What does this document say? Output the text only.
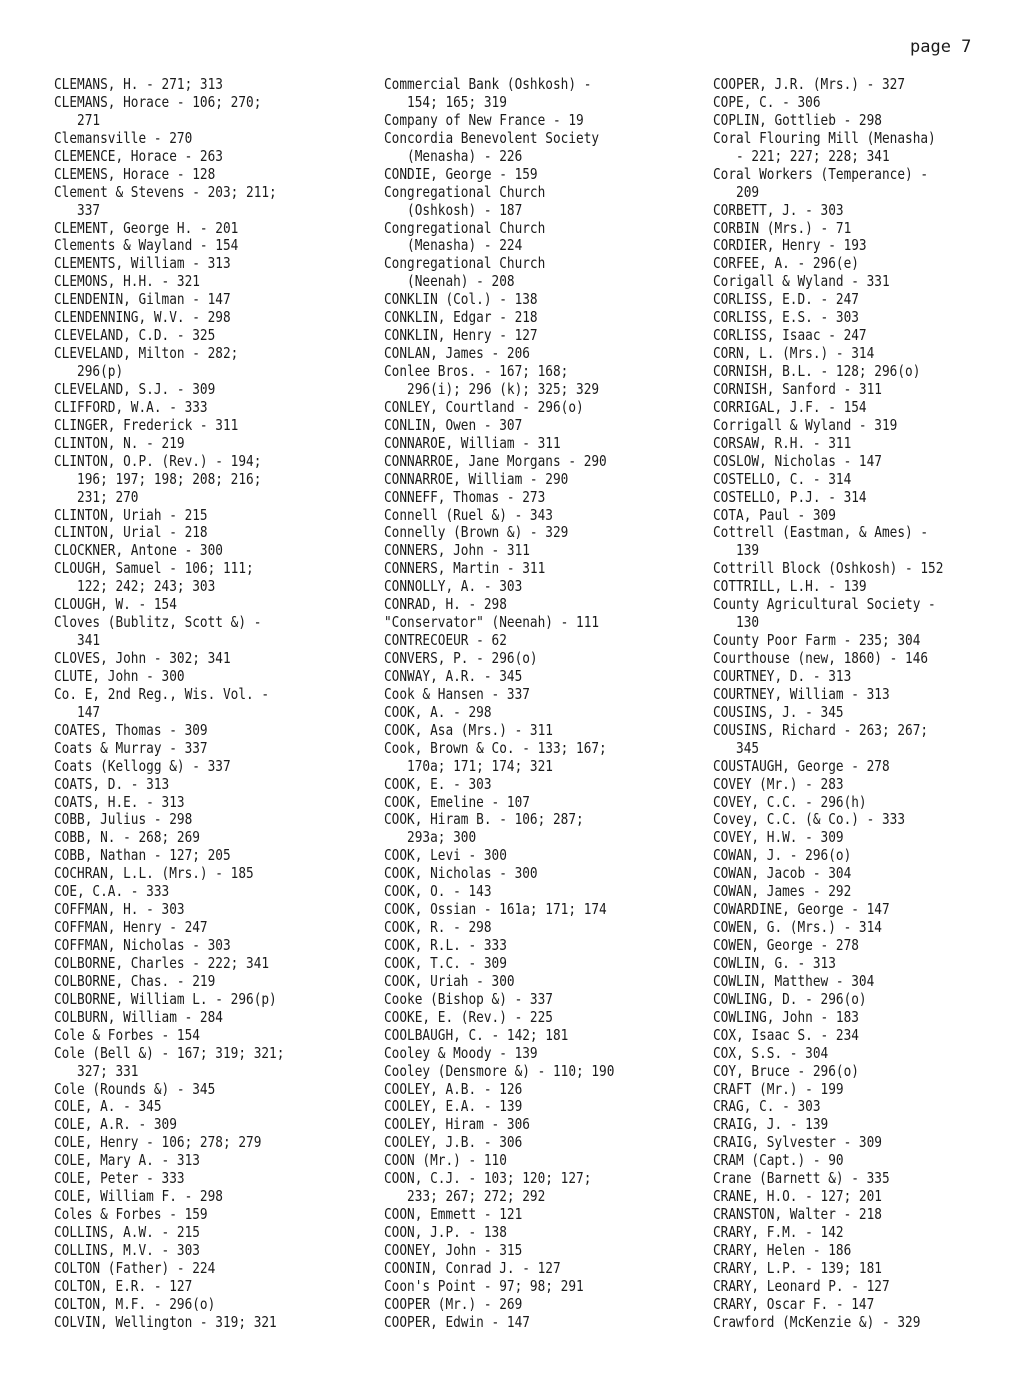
page 7
CLEMANS, H. - 271; 313
CLEMANS, Horace - 106; 270;
271
Clemansville - 270
CLEMENCE, Horace - 263
CLEMENS, Horace - 128
Clement & Stevens - 203; 211;
337
CLEMENT, George H. - 201
Clements & Wayland - 154
CLEMENTS, William - 313
CLEMONS, H.H. - 321
CLENDENIN, Gilman - 147
CLENDENNING, W.V. - 298
CLEVELAND, C.D. - 325
CLEVELAND, Milton - 282;
296(p)
CLEVELAND, S.J. - 309
CLIFFORD, W.A. - 333
CLINGER, Frederick - 311
CLINTON, N. - 219
CLINTON, O.P. (Rev.) - 194;
196; 197; 198; 208; 216;
231; 270
CLINTON, Uriah - 215
CLINTON, Urial - 218
CLOCKNER, Antone - 300
CLOUGH, Samuel - 106; 111;
122; 242; 243; 303
CLOUGH, W. - 154
Cloves (Bublitz, Scott &) -
341
CLOVES, John - 302; 341
CLUTE, John - 300
Co. E, 2nd Reg., Wis. Vol. -
147
COATES, Thomas - 309
Coats & Murray - 337
Coats (Kellogg &) - 337
COATS, D. - 313
COATS, H.E. - 313
COBB, Julius - 298
COBB, N. - 268; 269
COBB, Nathan - 127; 205
COCHRAN, L.L. (Mrs.) - 185
COE, C.A. - 333
COFFMAN, H. - 303
COFFMAN, Henry - 247
COFFMAN, Nicholas - 303
COLBORNE, Charles - 222; 341
COLBORNE, Chas. - 219
COLBORNE, William L. - 296(p)
COLBURN, William - 284
Cole & Forbes - 154
Cole (Bell &) - 167; 319; 321;
327; 331
Cole (Rounds &) - 345
COLE, A. - 345
COLE, A.R. - 309
COLE, Henry - 106; 278; 279
COLE, Mary A. - 313
COLE, Peter - 333
COLE, William F. - 298
Coles & Forbes - 159
COLLINS, A.W. - 215
COLLINS, M.V. - 303
COLTON (Father) - 224
COLTON, E.R. - 127
COLTON, M.F. - 296(o)
COLVIN, Wellington - 319; 321
Commercial Bank (Oshkosh) -
154; 165; 319
Company of New France - 19
Concordia Benevolent Society
(Menasha) - 226
CONDIE, George - 159
Congregational Church
(Oshkosh) - 187
Congregational Church
(Menasha) - 224
Congregational Church
(Neenah) - 208
CONKLIN (Col.) - 138
CONKLIN, Edgar - 218
CONKLIN, Henry - 127
CONLAN, James - 206
Conlee Bros. - 167; 168;
296(i); 296 (k); 325; 329
CONLEY, Courtland - 296(o)
CONLIN, Owen - 307
CONNAROE, William - 311
CONNARROE, Jane Morgans - 290
CONNARROE, William - 290
CONNEFF, Thomas - 273
Connell (Ruel &) - 343
Connelly (Brown &) - 329
CONNERS, John - 311
CONNERS, Martin - 311
CONNOLLY, A. - 303
CONRAD, H. - 298
"Conservator" (Neenah) - 111
CONTRECOEUR - 62
CONVERS, P. - 296(o)
CONWAY, A.R. - 345
Cook & Hansen - 337
COOK, A. - 298
COOK, Asa (Mrs.) - 311
Cook, Brown & Co. - 133; 167;
170a; 171; 174; 321
COOK, E. - 303
COOK, Emeline - 107
COOK, Hiram B. - 106; 287;
293a; 300
COOK, Levi - 300
COOK, Nicholas - 300
COOK, O. - 143
COOK, Ossian - 161a; 171; 174
COOK, R. - 298
COOK, R.L. - 333
COOK, T.C. - 309
COOK, Uriah - 300
Cooke (Bishop &) - 337
COOKE, E. (Rev.) - 225
COOLBAUGH, C. - 142; 181
Cooley & Moody - 139
Cooley (Densmore &) - 110; 190
COOLEY, A.B. - 126
COOLEY, E.A. - 139
COOLEY, Hiram - 306
COOLEY, J.B. - 306
COON (Mr.) - 110
COON, C.J. - 103; 120; 127;
233; 267; 272; 292
COON, Emmett - 121
COON, J.P. - 138
COONEY, John - 315
COONIN, Conrad J. - 127
Coon's Point - 97; 98; 291
COOPER (Mr.) - 269
COOPER, Edwin - 147
COOPER, J.R. (Mrs.) - 327
COPE, C. - 306
COPLIN, Gottlieb - 298
Coral Flouring Mill (Menasha)
- 221; 227; 228; 341
Coral Workers (Temperance) -
209
CORBETT, J. - 303
CORBIN (Mrs.) - 71
CORDIER, Henry - 193
CORFEE, A. - 296(e)
Corigall & Wyland - 331
CORLISS, E.D. - 247
CORLISS, E.S. - 303
CORLISS, Isaac - 247
CORN, L. (Mrs.) - 314
CORNISH, B.L. - 128; 296(o)
CORNISH, Sanford - 311
CORRIGAL, J.F. - 154
Corrigall & Wyland - 319
CORSAW, R.H. - 311
COSLOW, Nicholas - 147
COSTELLO, C. - 314
COSTELLO, P.J. - 314
COTA, Paul - 309
Cottrell (Eastman, & Ames) -
139
Cottrill Block (Oshkosh) - 152
COTTRILL, L.H. - 139
County Agricultural Society -
130
County Poor Farm - 235; 304
Courthouse (new, 1860) - 146
COURTNEY, D. - 313
COURTNEY, William - 313
COUSINS, J. - 345
COUSINS, Richard - 263; 267;
345
COUSTAUGH, George - 278
COVEY (Mr.) - 283
COVEY, C.C. - 296(h)
Covey, C.C. (& Co.) - 333
COVEY, H.W. - 309
COWAN, J. - 296(o)
COWAN, Jacob - 304
COWAN, James - 292
COWARDINE, George - 147
COWEN, G. (Mrs.) - 314
COWEN, George - 278
COWLIN, G. - 313
COWLIN, Matthew - 304
COWLING, D. - 296(o)
COWLING, John - 183
COX, Isaac S. - 234
COX, S.S. - 304
COY, Bruce - 296(o)
CRAFT (Mr.) - 199
CRAG, C. - 303
CRAIG, J. - 139
CRAIG, Sylvester - 309
CRAM (Capt.) - 90
Crane (Barnett &) - 335
CRANE, H.O. - 127; 201
CRANSTON, Walter - 218
CRARY, F.M. - 142
CRARY, Helen - 186
CRARY, L.P. - 139; 181
CRARY, Leonard P. - 127
CRARY, Oscar F. - 147
Crawford (McKenzie &) - 329
